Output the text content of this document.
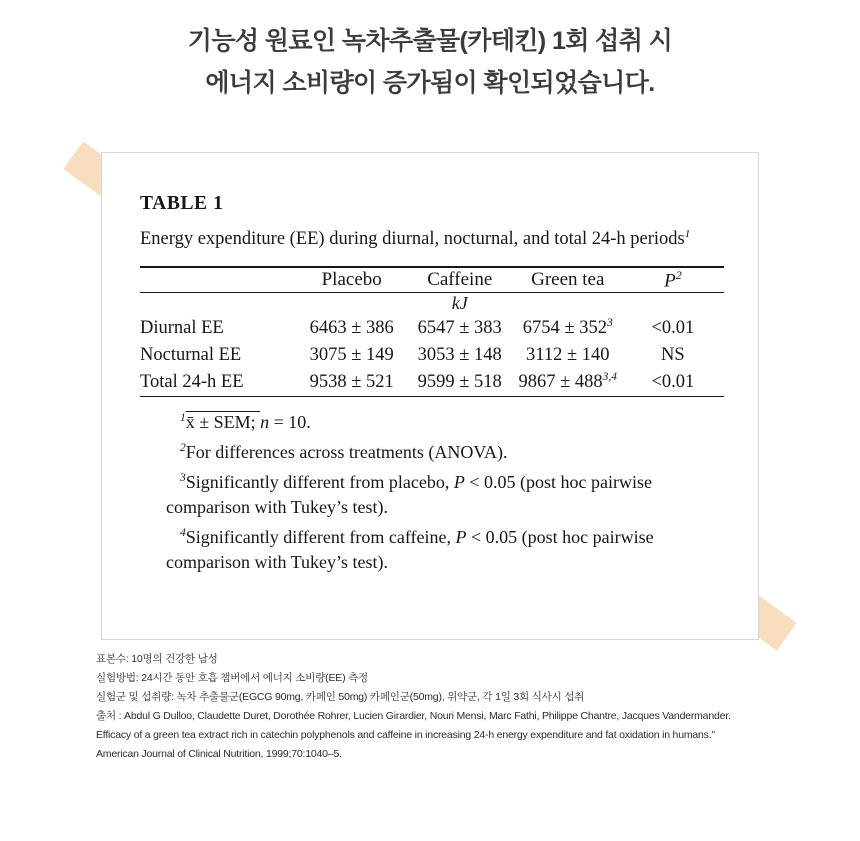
기능성 원료인 녹차추출물(카테킨) 1회 섭취 시
에너지 소비량이 증가됨이 확인되었습니다.
TABLE 1
Energy expenditure (EE) during diurnal, nocturnal, and total 24-h periods$^1$

	Placebo	Caffeine	Green tea	$P^2$

	kJ			
Diurnal EE	6463 ± 386	6547 ± 383	$6754 \pm 352^3$	<0.01
Nocturnal EE	3075 ± 149	3053 ± 148	3112 ± 140	NS
Total 24-h EE	9538 ± 521	9599 ± 518	$9867 \pm 488^{3,4}$	<0.01

$^1$x̄ ± SEM; n = 10.

$^2$For differences across treatments (ANOVA).

$^3$Significantly different from placebo, P < 0.05 (post hoc pairwise comparison with Tukey’s test).

$^4$Significantly different from caffeine, P < 0.05 (post hoc pairwise comparison with Tukey’s test).

표본수: 10명의 건강한 남성

실험방법: 24시간 동안 호흡 챔버에서 에너지 소비량(EE) 측정

실험군 및 섭취량: 녹차 추출물군(EGCG 90mg, 카페인 50mg) 카페인군(50mg), 위약군, 각 1일 3회 식사시 섭취

출처 : Abdul G Dulloo, Claudette Duret, Dorothée Rohrer, Lucien Girardier, Nouri Mensi, Marc Fathi, Philippe Chantre, Jacques Vandermander.

Efficacy of a green tea extract rich in catechin polyphenols and caffeine in increasing 24-h energy expenditure and fat oxidation in humans."

American Journal of Clinical Nutrition, 1999;70:1040–5.
